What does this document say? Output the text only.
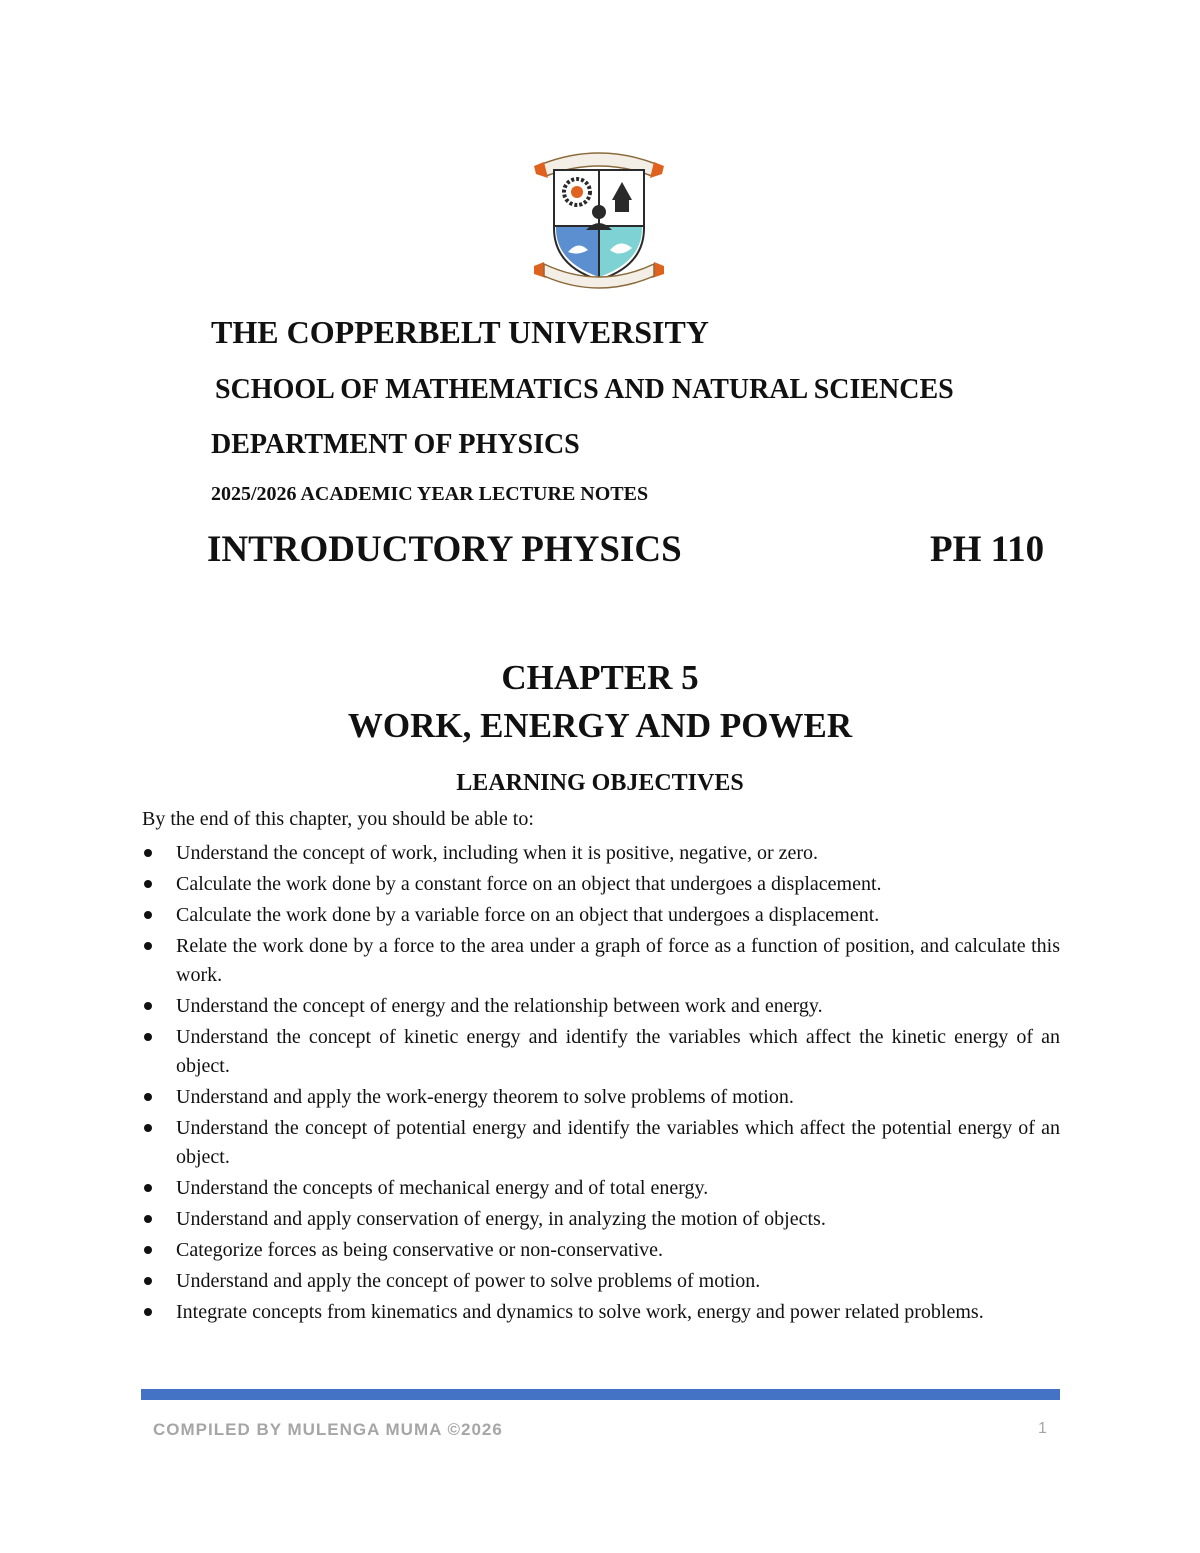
THE COPPERBELT UNIVERSITY

SCHOOL OF MATHEMATICS AND NATURAL SCIENCES

DEPARTMENT OF PHYSICS

2025/2026 ACADEMIC YEAR LECTURE NOTES

INTRODUCTORY PHYSICS	PH 110

CHAPTER 5

WORK, ENERGY AND POWER

LEARNING OBJECTIVES

By the end of this chapter, you should be able to:

Understand the concept of work, including when it is positive, negative, or zero.
Calculate the work done by a constant force on an object that undergoes a displacement.
Calculate the work done by a variable force on an object that undergoes a displacement.
Relate the work done by a force to the area under a graph of force as a function of position, and calculate this work.
Understand the concept of energy and the relationship between work and energy.
Understand the concept of kinetic energy and identify the variables which affect the kinetic energy of an object.
Understand and apply the work-energy theorem to solve problems of motion.
Understand the concept of potential energy and identify the variables which affect the potential energy of an object.
Understand the concepts of mechanical energy and of total energy.
Understand and apply conservation of energy, in analyzing the motion of objects.
Categorize forces as being conservative or non-conservative.
Understand and apply the concept of power to solve problems of motion.
Integrate concepts from kinematics and dynamics to solve work, energy and power related problems.
COMPILED BY MULENGA MUMA ©2026	1
